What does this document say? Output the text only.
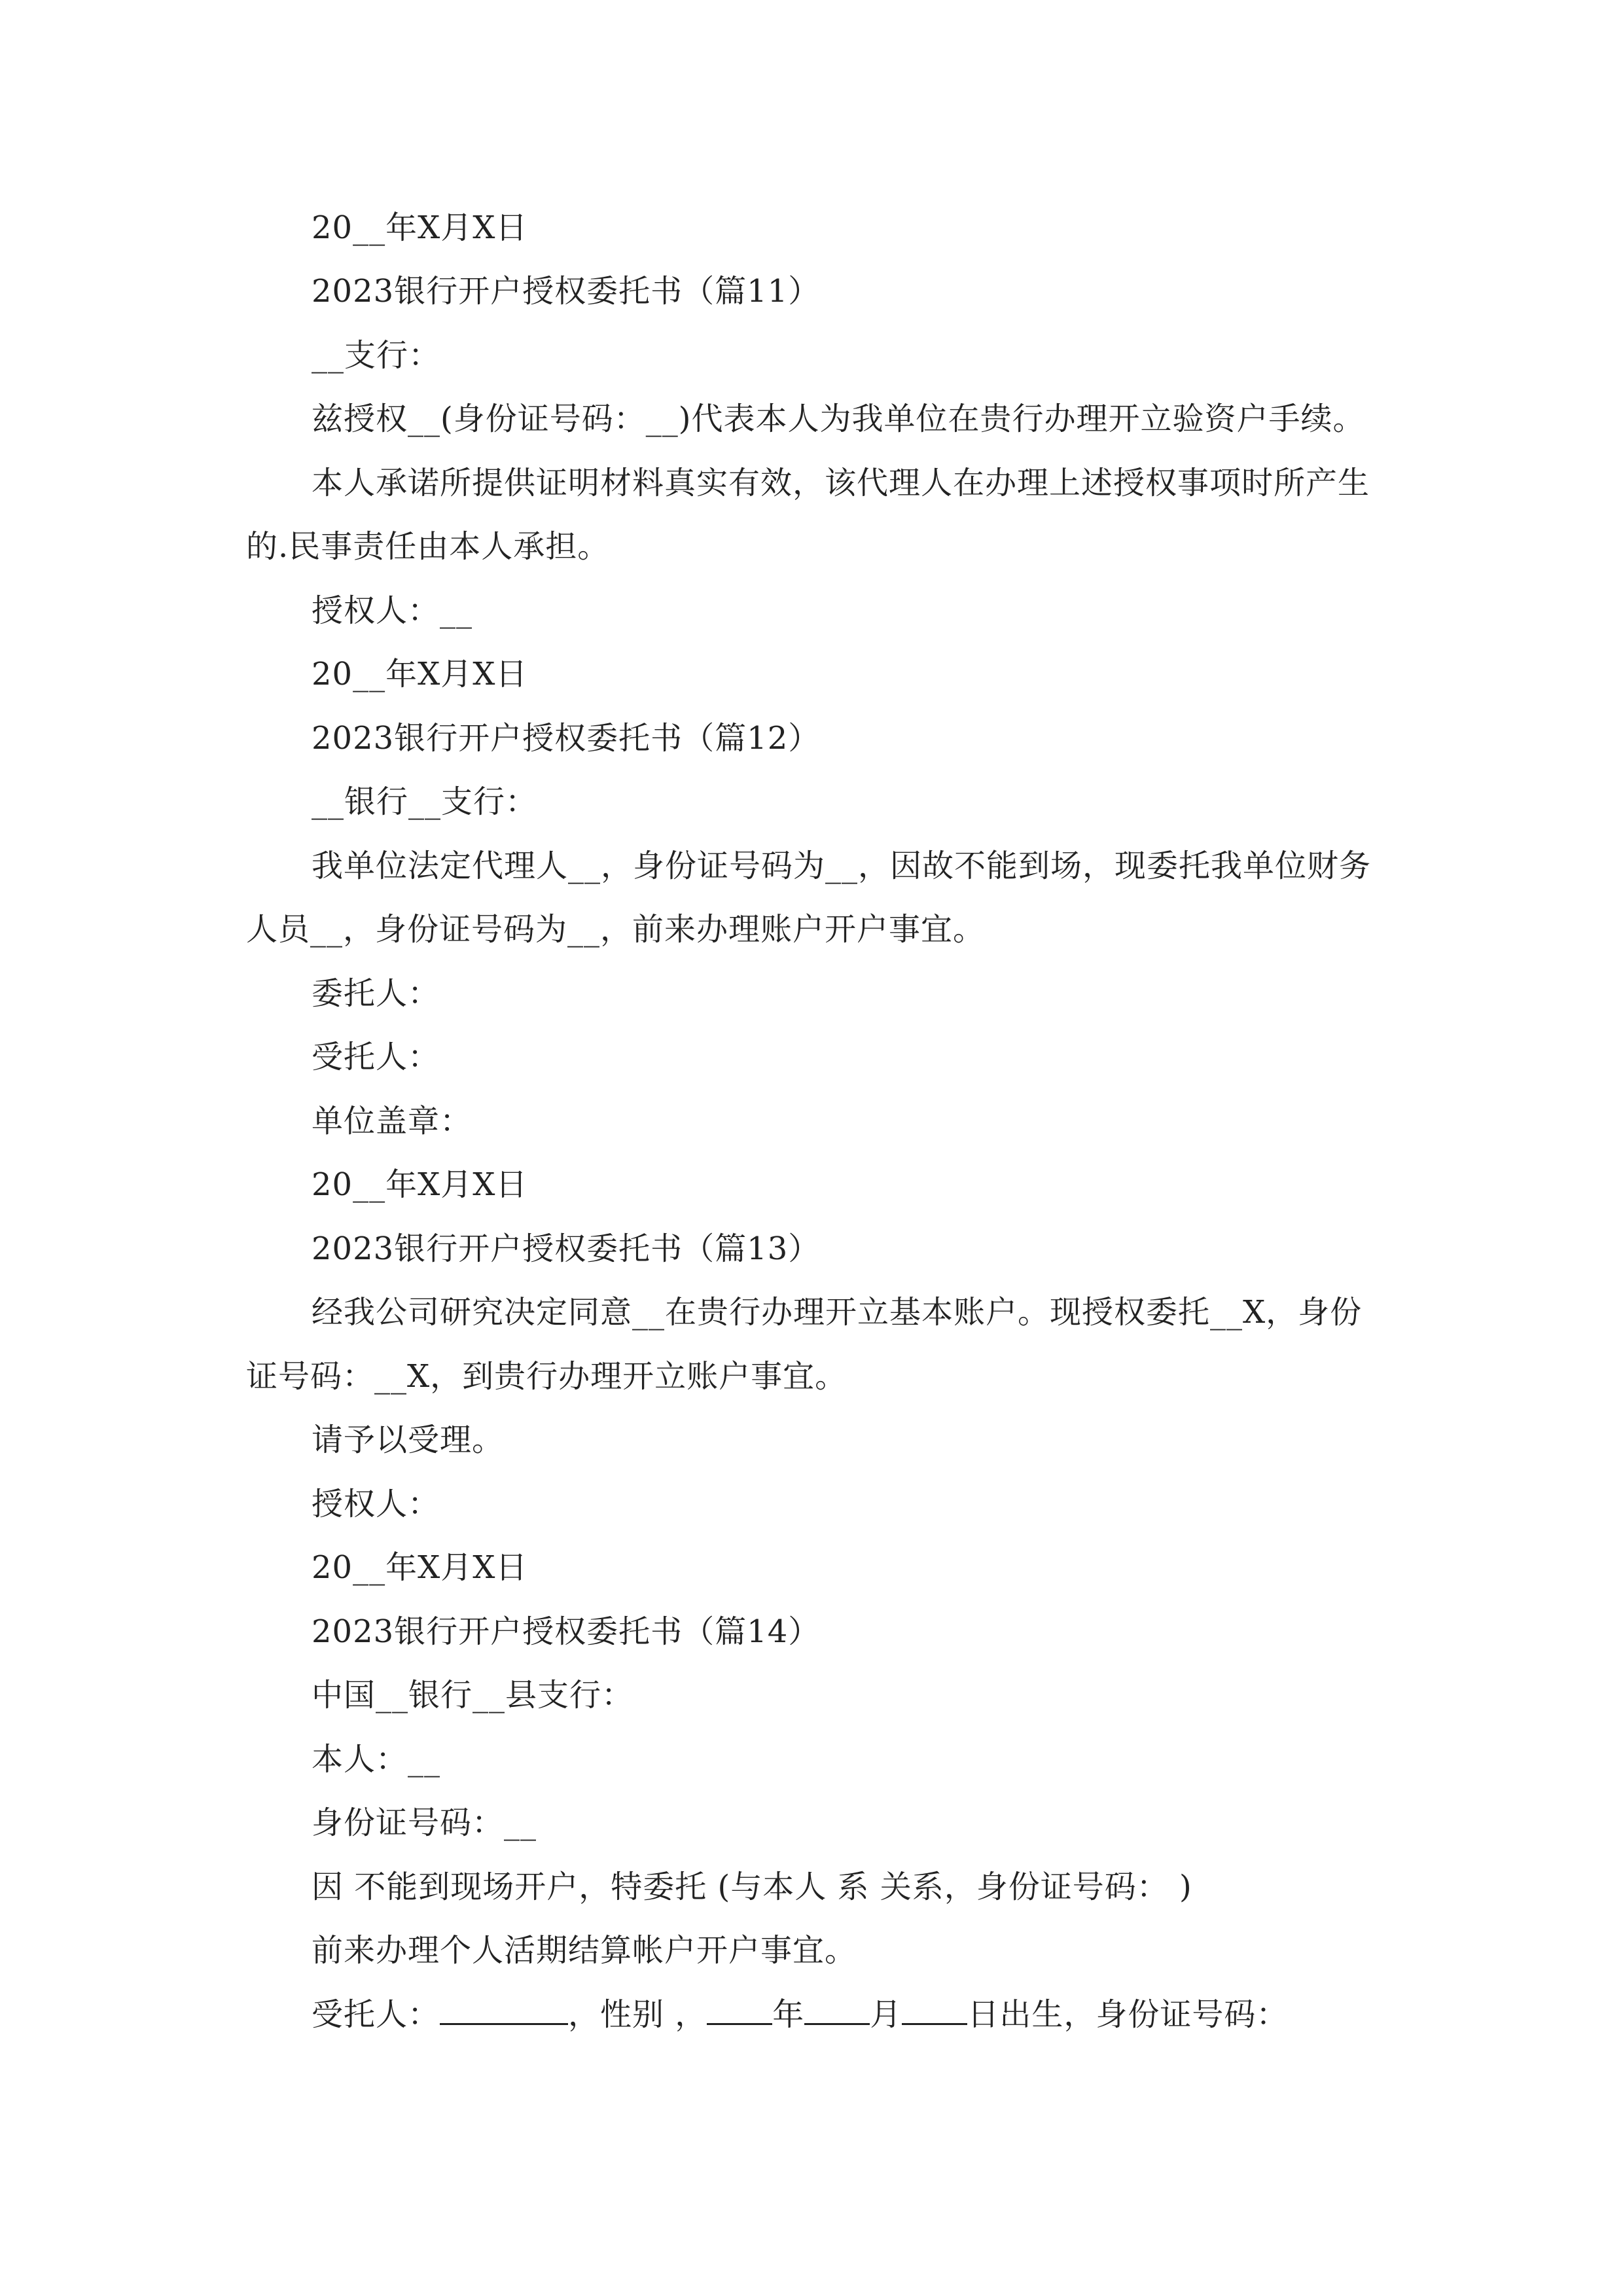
20__年X月X日
2023银行开户授权委托书（篇11）
__支行：
兹授权__(身份证号码：__)代表本人为我单位在贵行办理开立验资户手续。
本人承诺所提供证明材料真实有效，该代理人在办理上述授权事项时所产生
的.民事责任由本人承担。
授权人：__
20__年X月X日
2023银行开户授权委托书（篇12）
__银行__支行：
我单位法定代理人__，身份证号码为__，因故不能到场，现委托我单位财务
人员__，身份证号码为__，前来办理账户开户事宜。
委托人：
受托人：
单位盖章：
20__年X月X日
2023银行开户授权委托书（篇13）
经我公司研究决定同意__在贵行办理开立基本账户。现授权委托__X，身份
证号码：__X，到贵行办理开立账户事宜。
请予以受理。
授权人：
20__年X月X日
2023银行开户授权委托书（篇14）
中国__银行__县支行：
本人：__
身份证号码：__
因 不能到现场开户，特委托 (与本人 系 关系，身份证号码： )
前来办理个人活期结算帐户开户事宜。
受托人：	，性别 ， 年 月 日出生，身份证号码：
